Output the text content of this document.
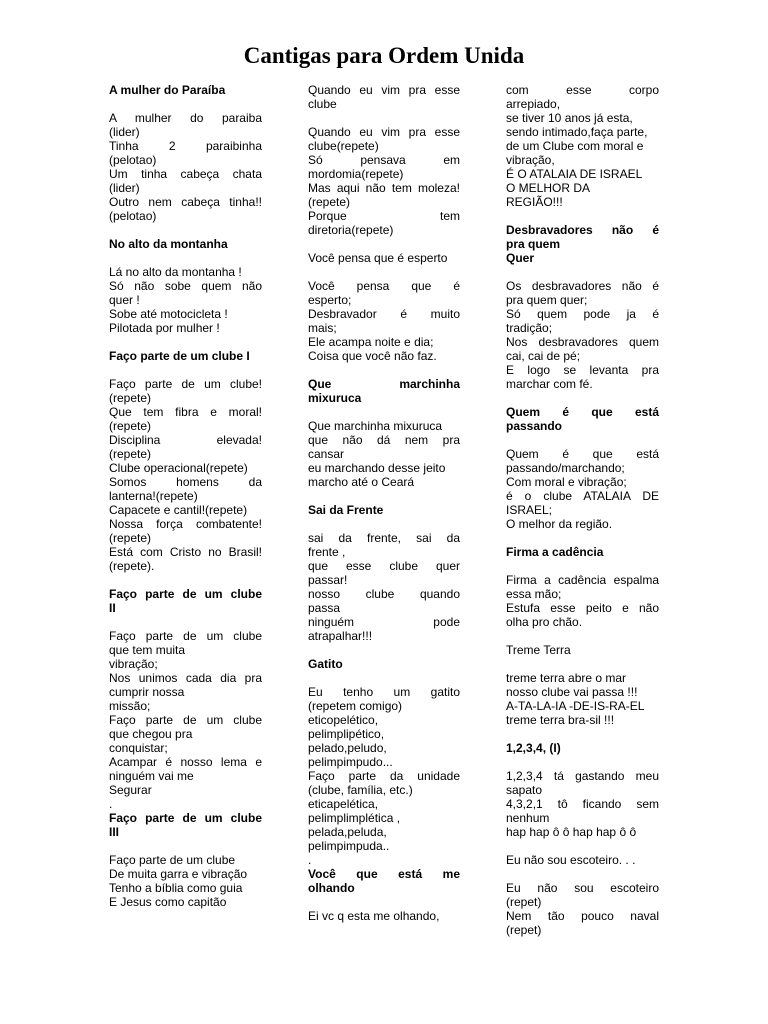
Cantigas para Ordem Unida

A mulher do Paraíba

A mulher do paraiba

(lider)

Tinha 2 paraibinha

(pelotao)

Um tinha cabeça chata

(lider)

Outro nem cabeça tinha!!

(pelotao)

No alto da montanha

Lá no alto da montanha !

Só não sobe quem não

quer !

Sobe até motocicleta !

Pilotada por mulher !

Faço parte de um clube I

Faço parte de um clube!

(repete)

Que tem fibra e moral!

(repete)

Disciplina elevada!

(repete)

Clube operacional(repete)

Somos homens da

lanterna!(repete)

Capacete e cantil!(repete)

Nossa força combatente!

(repete)

Está com Cristo no Brasil!

(repete).

Faço parte de um clube

II

Faço parte de um clube

que tem muita

vibração;

Nos unimos cada dia pra

cumprir nossa

missão;

Faço parte de um clube

que chegou pra

conquistar;

Acampar é nosso lema e

ninguém vai me

Segurar

.

Faço parte de um clube

III

Faço parte de um clube

De muita garra e vibração

Tenho a bíblia como guia

E Jesus como capitão

Quando eu vim pra esse

clube

Quando eu vim pra esse

clube(repete)

Só pensava em

mordomia(repete)

Mas aqui não tem moleza!

(repete)

Porque tem

diretoria(repete)

Você pensa que é esperto

Você pensa que é

esperto;

Desbravador é muito

mais;

Ele acampa noite e dia;

Coisa que você não faz.

Que marchinha

mixuruca

Que marchinha mixuruca

que não dá nem pra

cansar

eu marchando desse jeito

marcho até o Ceará

Sai da Frente

sai da frente, sai da

frente ,

que esse clube quer

passar!

nosso clube quando

passa

ninguém pode

atrapalhar!!!

Gatito

Eu tenho um gatito

(repetem comigo)

eticopelético,

pelimplipético,

pelado,peludo,

pelimpimpudo...

Faço parte da unidade

(clube, família, etc.)

eticapelética,

pelimplimplética ,

pelada,peluda,

pelimpimpuda..

.

Você que está me

olhando

Ei vc q esta me olhando,

com esse corpo

arrepiado,

se tiver 10 anos já esta,

sendo intimado,faça parte,

de um Clube com moral e

vibração,

É O ATALAIA DE ISRAEL

O MELHOR DA

REGIÃO!!!

Desbravadores não é

pra quem

Quer

Os desbravadores não é

pra quem quer;

Só quem pode ja é

tradição;

Nos desbravadores quem

cai, cai de pé;

E logo se levanta pra

marchar com fé.

Quem é que está

passando

Quem é que está

passando/marchando;

Com moral e vibração;

é o clube ATALAIA DE

ISRAEL;

O melhor da região.

Firma a cadência

Firma a cadência espalma

essa mão;

Estufa esse peito e não

olha pro chão.

Treme Terra

treme terra abre o mar

nosso clube vai passa !!!

A-TA-LA-IA -DE-IS-RA-EL

treme terra bra-sil !!!

1,2,3,4, (I)

1,2,3,4 tá gastando meu

sapato

4,3,2,1 tô ficando sem

nenhum

hap hap ô ô hap hap ô ô

Eu não sou escoteiro. . .

Eu não sou escoteiro

(repet)

Nem tão pouco naval

(repet)
